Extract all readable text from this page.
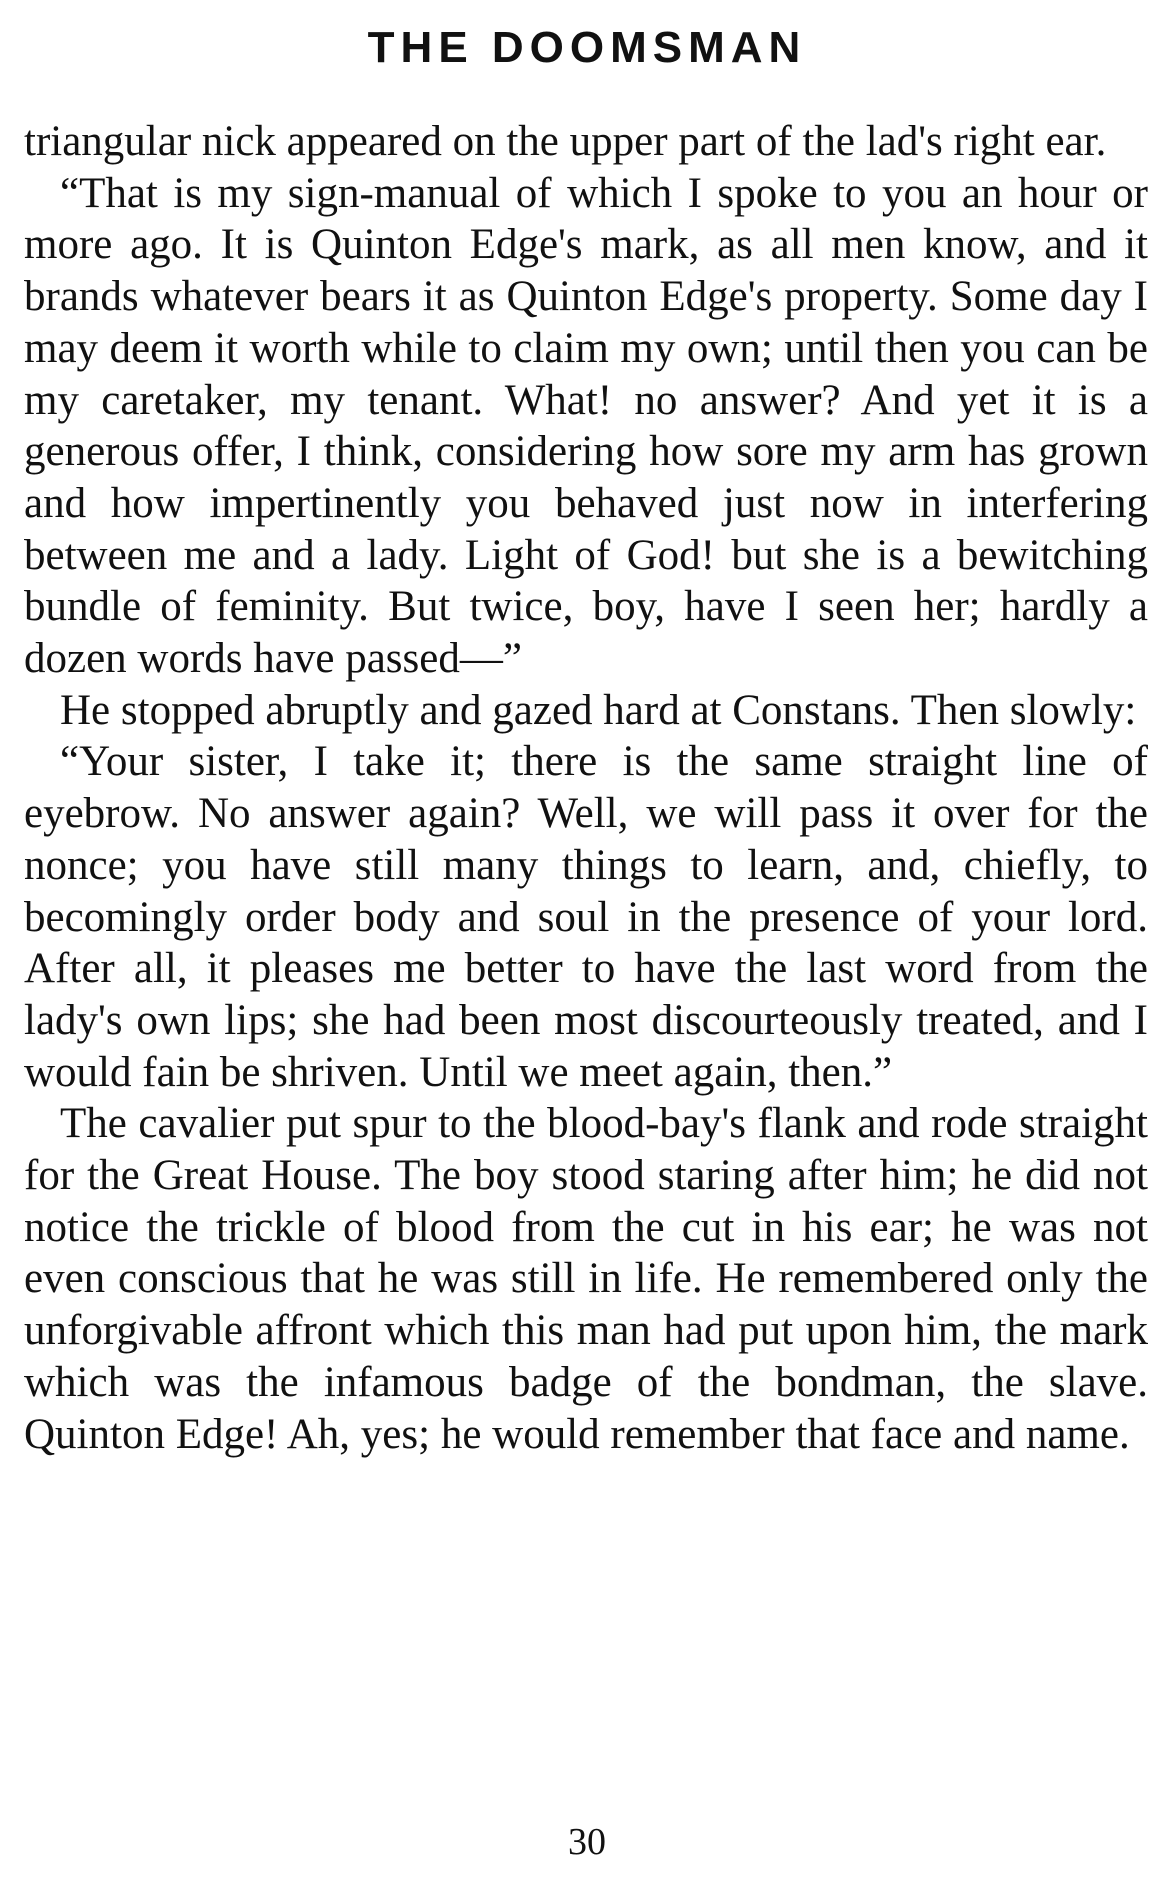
THE DOOMSMAN

triangular nick appeared on the upper part of the lad's right ear.

“That is my sign-manual of which I spoke to you an hour or more ago. It is Quinton Edge's mark, as all men know, and it brands whatever bears it as Quinton Edge's property. Some day I may deem it worth while to claim my own; until then you can be my caretaker, my tenant. What! no answer? And yet it is a generous offer, I think, considering how sore my arm has grown and how impertinently you behaved just now in interfering between me and a lady. Light of God! but she is a bewitching bundle of feminity. But twice, boy, have I seen her; hardly a dozen words have passed—”

He stopped abruptly and gazed hard at Constans. Then slowly:

“Your sister, I take it; there is the same straight line of eyebrow. No answer again? Well, we will pass it over for the nonce; you have still many things to learn, and, chiefly, to becomingly order body and soul in the presence of your lord. After all, it pleases me better to have the last word from the lady's own lips; she had been most discourteously treated, and I would fain be shriven. Until we meet again, then.”

The cavalier put spur to the blood-bay's flank and rode straight for the Great House. The boy stood staring after him; he did not notice the trickle of blood from the cut in his ear; he was not even conscious that he was still in life. He remembered only the unforgivable affront which this man had put upon him, the mark which was the infamous badge of the bondman, the slave. Quinton Edge! Ah, yes; he would remember that face and name.

30
